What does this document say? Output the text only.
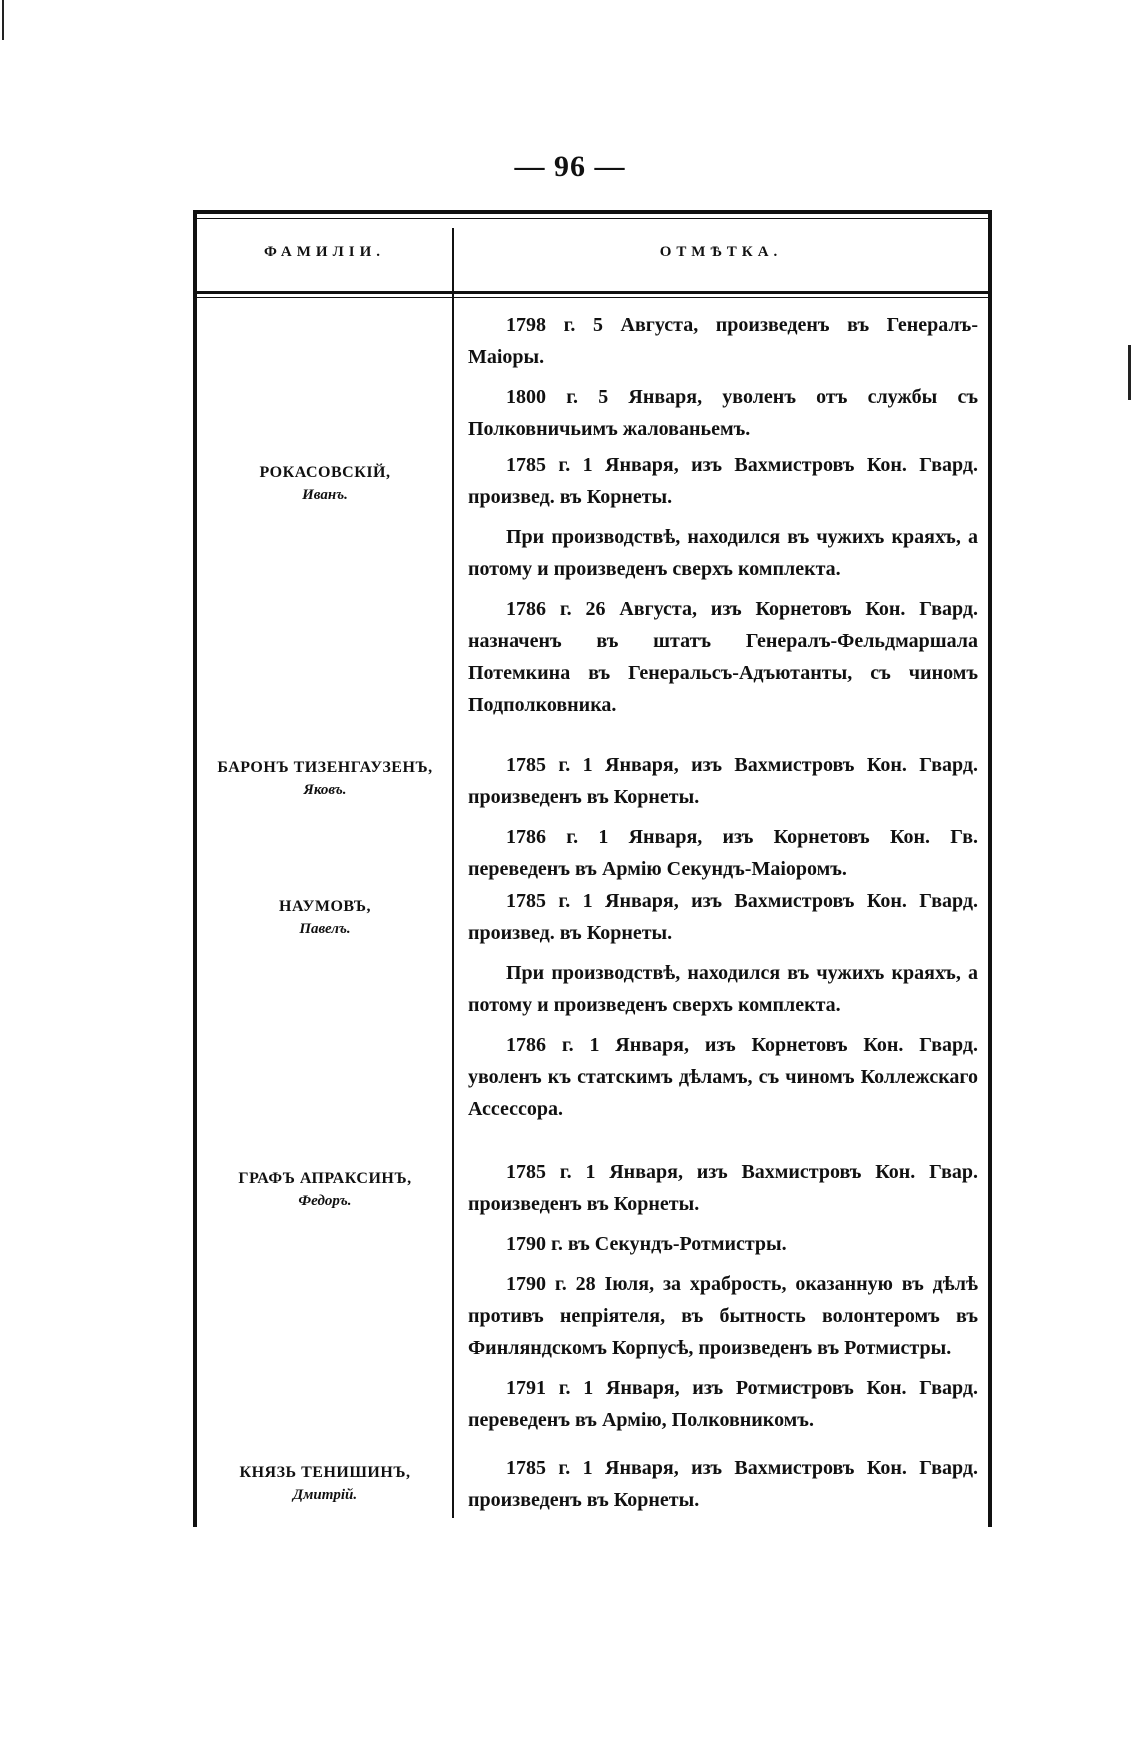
— 96 —
ФАМИЛІИ.	ОТМѢТКА.

1798 г. 5 Августа, произведенъ въ Генералъ-Маіоры.

1800 г. 5 Января, уволенъ отъ службы съ Полковничьимъ жалованьемъ.

РОКАСОВСКІЙ,
Иванъ.

1785 г. 1 Января, изъ Вахмистровъ Кон. Гвард. произвед. въ Корнеты.

При производствѣ, находился въ чужихъ краяхъ, а потому и произведенъ сверхъ комплекта.

1786 г. 26 Августа, изъ Корнетовъ Кон. Гвард. назначенъ въ штатъ Генералъ-Фельдмаршала Потемкина въ Генеральсъ-Адъютанты, съ чиномъ Подполковника.

БАРОНЪ ТИЗЕНГАУЗЕНЪ,
Яковъ.

1785 г. 1 Января, изъ Вахмистровъ Кон. Гвард. произведенъ въ Корнеты.

1786 г. 1 Января, изъ Корнетовъ Кон. Гв. переведенъ въ Армію Секундъ-Маіоромъ.

НАУМОВЪ,
Павелъ.

1785 г. 1 Января, изъ Вахмистровъ Кон. Гвард. произвед. въ Корнеты.

При производствѣ, находился въ чужихъ краяхъ, а потому и произведенъ сверхъ комплекта.

1786 г. 1 Января, изъ Корнетовъ Кон. Гвард. уволенъ къ статскимъ дѣламъ, съ чиномъ Коллежскаго Ассессора.

ГРАФЪ АПРАКСИНЪ,
Федоръ.

1785 г. 1 Января, изъ Вахмистровъ Кон. Гвар. произведенъ въ Корнеты.

1790 г. въ Секундъ-Ротмистры.

1790 г. 28 Іюля, за храбрость, оказанную въ дѣлѣ противъ непріятеля, въ бытность волонтеромъ въ Финляндскомъ Корпусѣ, произведенъ въ Ротмистры.

1791 г. 1 Января, изъ Ротмистровъ Кон. Гвард. переведенъ въ Армію, Полковникомъ.

КНЯЗЬ ТЕНИШИНЪ,
Дмитрій.

1785 г. 1 Января, изъ Вахмистровъ Кон. Гвард. произведенъ въ Корнеты.
